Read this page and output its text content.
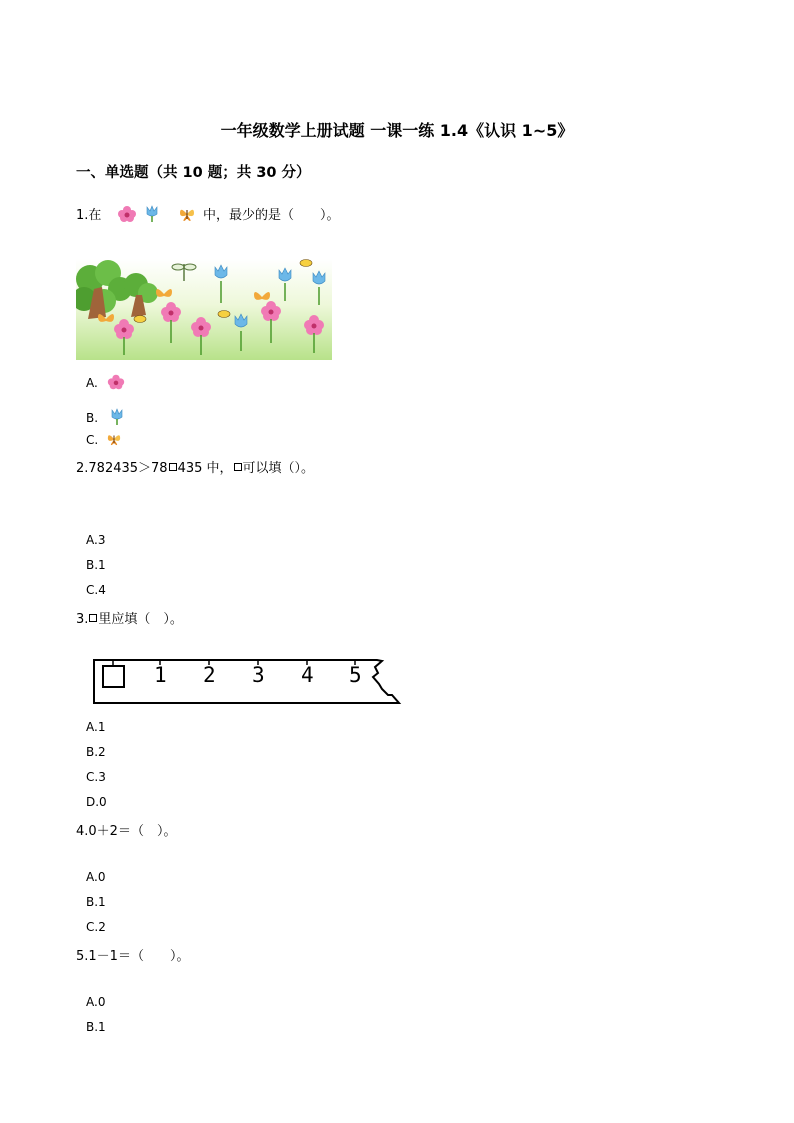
一年级数学上册试题 一课一练 1.4《认识 1~5》
一、单选题（共 10 题；共 30 分）
1.在	中，最少的是（　　）。
A.
B.
C.
2.782435＞78 435 中， 可以填（）。
A.3
B.1
C.4
3. 里应填（　）。
1 2 3 4 5
A.1
B.2
C.3
D.0
4.0＋2＝（　）。
A.0
B.1
C.2
5.1－1＝（　　）。
A.0
B.1
